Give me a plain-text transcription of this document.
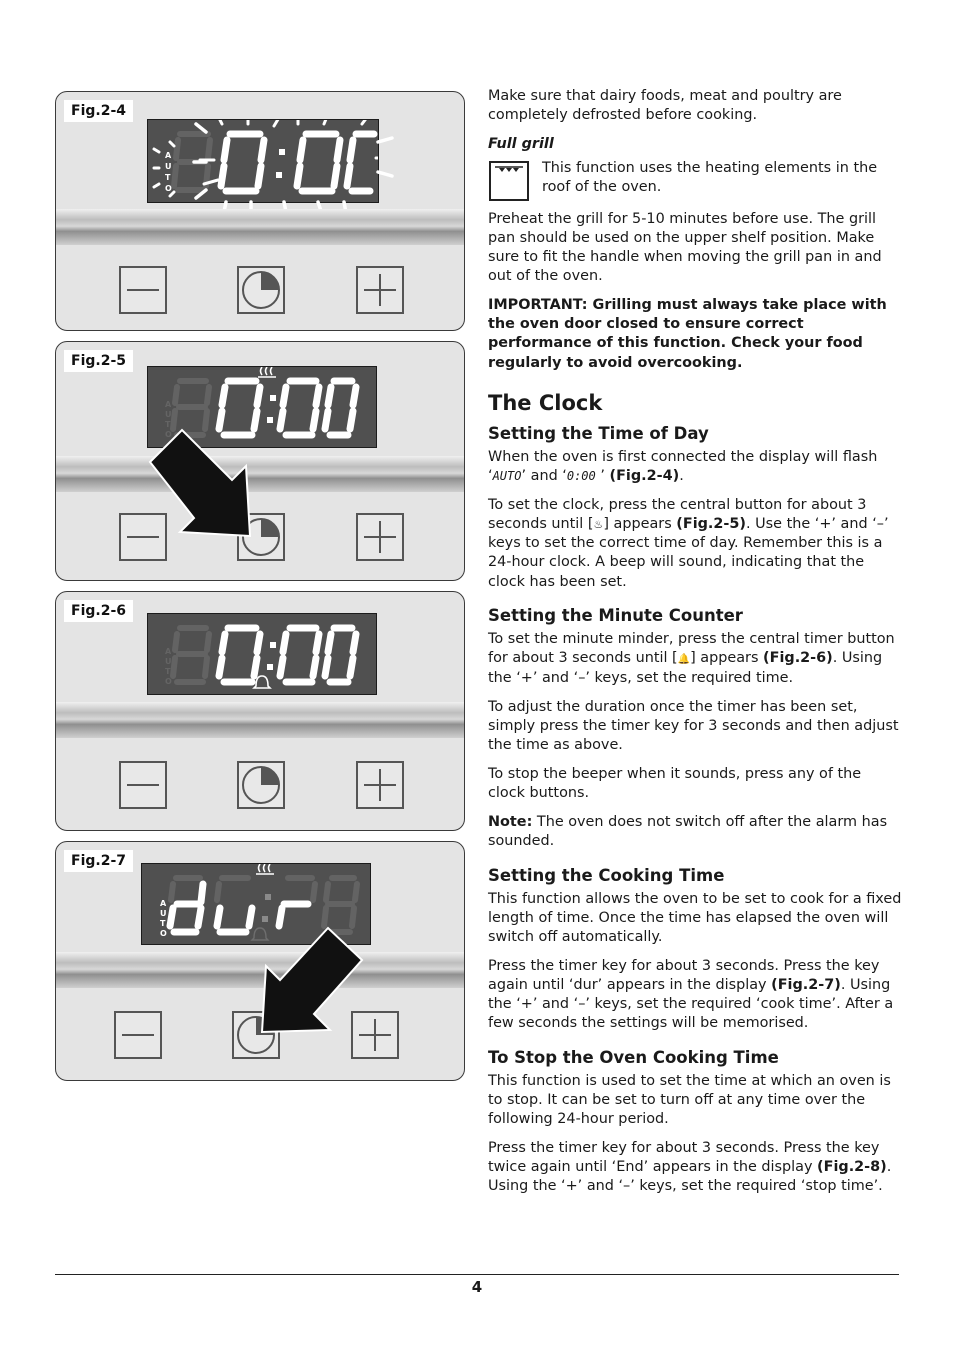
Fig.2-4
A
U
T
O
Fig.2-5
A
U
T
O
Fig.2-6
A
U
T
O
Fig.2-7
A
U
T
O

Make sure that dairy foods, meat and poultry are completely defrosted before cooking.

Full grill
This function uses the heating elements in the roof of the oven.

Preheat the grill for 5-10 minutes before use. The grill pan should be used on the upper shelf position. Make sure to fit the handle when moving the grill pan in and out of the oven.

IMPORTANT: Grilling must always take place with the oven door closed to ensure correct performance of this function. Check your food regularly to avoid overcooking.

The Clock
Setting the Time of Day

When the oven is first connected the display will flash ‘AUTO’ and ‘0:00 ’ (Fig.2-4).

To set the clock, press the central button for about 3 seconds until [♨] appears (Fig.2-5). Use the ‘+’ and ‘–’ keys to set the correct time of day. Remember this is a 24-hour clock. A beep will sound, indicating that the clock has been set.

Setting the Minute Counter

To set the minute minder, press the central timer button for about 3 seconds until [🔔] appears (Fig.2-6). Using the ‘+’ and ‘–’ keys, set the required time.

To adjust the duration once the timer has been set, simply press the timer key for 3 seconds and then adjust the time as above.

To stop the beeper when it sounds, press any of the clock buttons.

Note: The oven does not switch off after the alarm has sounded.

Setting the Cooking Time

This function allows the oven to be set to cook for a fixed length of time. Once the time has elapsed the oven will switch off automatically.

Press the timer key for about 3 seconds. Press the key again until ‘dur’ appears in the display (Fig.2-7). Using the ‘+’ and ‘–’ keys, set the required ‘cook time’. After a few seconds the settings will be memorised.

To Stop the Oven Cooking Time

This function is used to set the time at which an oven is to stop. It can be set to turn off at any time over the following 24-hour period.

Press the timer key for about 3 seconds. Press the key twice again until ‘End’ appears in the display (Fig.2-8). Using the ‘+’ and ‘–’ keys, set the required ‘stop time’.

4
